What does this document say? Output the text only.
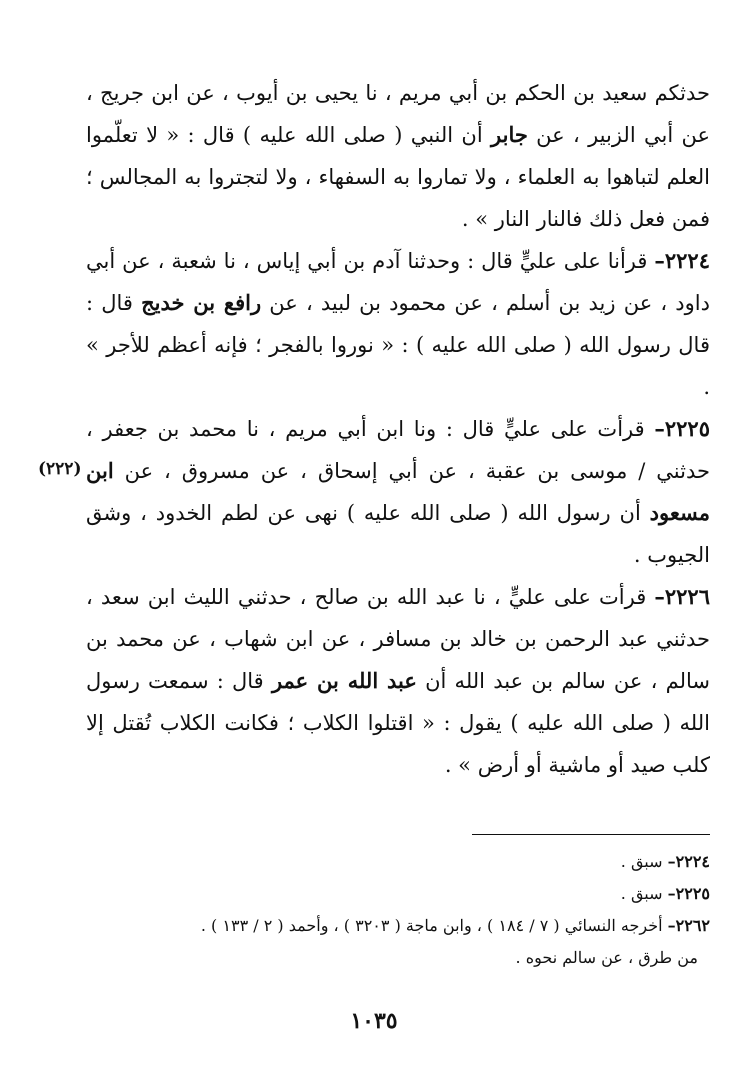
حدثكم سعيد بن الحكم بن أبي مريم ، نا يحيى بن أيوب ، عن ابن جريج ، عن أبي الزبير ، عن جابر أن النبي ( صلى الله عليه ) قال : « لا تعلّموا العلم لتباهوا به العلماء ، ولا تماروا به السفهاء ، ولا لتجتروا به المجالس ؛ فمن فعل ذلك فالنار النار » .

٢٢٢٤– قرأنا على عليٍّ قال : وحدثنا آدم بن أبي إياس ، نا شعبة ، عن أبي داود ، عن زيد بن أسلم ، عن محمود بن لبيد ، عن رافع بن خديج قال : قال رسول الله ( صلى الله عليه ) : « نوروا بالفجر ؛ فإنه أعظم للأجر » .

٢٢٢٥– قرأت على عليٍّ قال : ونا ابن أبي مريم ، نا محمد بن جعفر ، حدثني / موسى بن عقبة ، عن أبي إسحاق ، عن مسروق ، عن ابن مسعود أن رسول الله ( صلى الله عليه ) نهى عن لطم الخدود ، وشق الجيوب .

٢٢٢٦– قرأت على عليٍّ ، نا عبد الله بن صالح ، حدثني الليث ابن سعد ، حدثني عبد الرحمن بن خالد بن مسافر ، عن ابن شهاب ، عن محمد بن سالم ، عن سالم بن عبد الله أن عبد الله بن عمر قال : سمعت رسول الله ( صلى الله عليه ) يقول : « اقتلوا الكلاب ؛ فكانت الكلاب تُقتل إلا كلب صيد أو ماشية أو أرض » .

(٢٢٢)

٢٢٢٤– سبق .

٢٢٢٥– سبق .

٢٢٦٢– أخرجه النسائي ( ٧ / ١٨٤ ) ، وابن ماجة ( ٣٢٠٣ ) ، وأحمد ( ٢ / ١٣٣ ) .

من طرق ، عن سالم نحوه .

١٠٣٥
